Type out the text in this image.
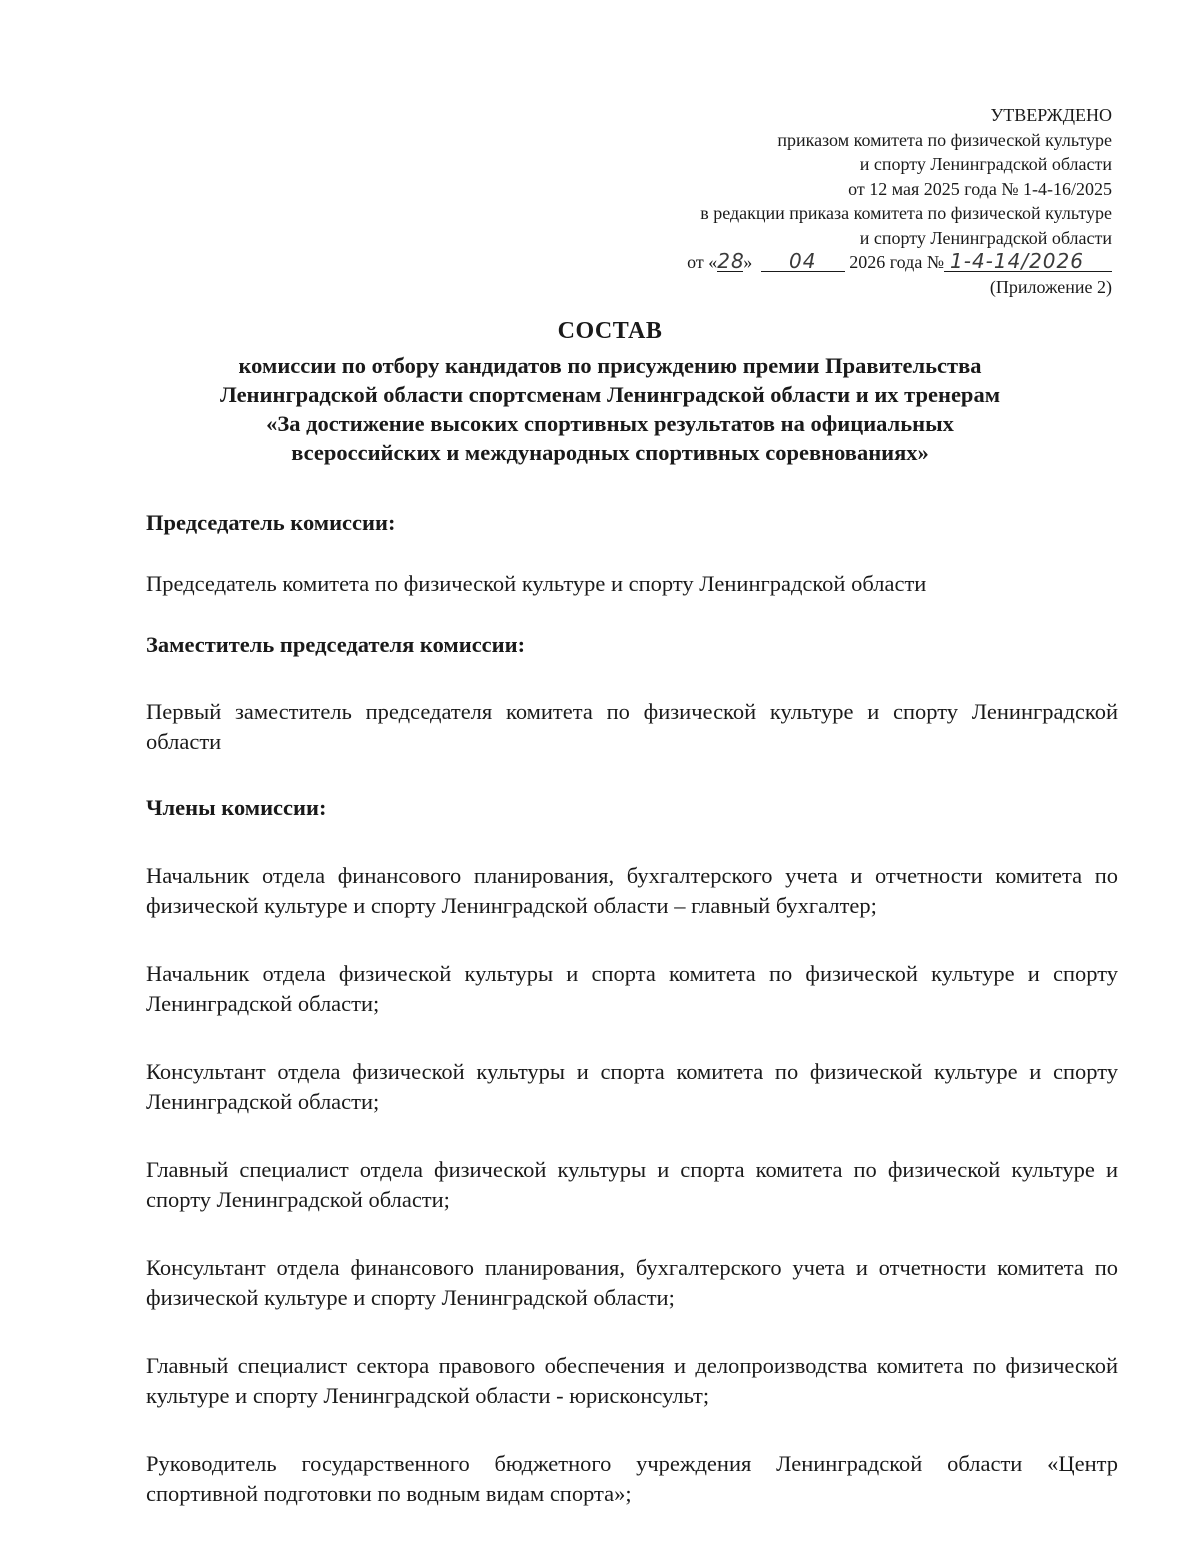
УТВЕРЖДЕНО
приказом комитета по физической культуре
и спорту Ленинградской области
от 12 мая 2025 года № 1-4-16/2025
в редакции приказа комитета по физической культуре
и спорту Ленинградской области
от «28» 04 2026 года № 1-4-14/2026
(Приложение 2)
СОСТАВ
комиссии по отбору кандидатов по присуждению премии Правительства
Ленинградской области спортсменам Ленинградской области и их тренерам
«За достижение высоких спортивных результатов на официальных
всероссийских и международных спортивных соревнованиях»
Председатель комиссии:
Председатель комитета по физической культуре и спорту Ленинградской области
Заместитель председателя комиссии:
Первый заместитель председателя комитета по физической культуре и спорту Ленинградской области
Члены комиссии:
Начальник отдела финансового планирования, бухгалтерского учета и отчетности комитета по физической культуре и спорту Ленинградской области – главный бухгалтер;
Начальник отдела физической культуры и спорта комитета по физической культуре и спорту Ленинградской области;
Консультант отдела физической культуры и спорта комитета по физической культуре и спорту Ленинградской области;
Главный специалист отдела физической культуры и спорта комитета по физической культуре и спорту Ленинградской области;
Консультант отдела финансового планирования, бухгалтерского учета и отчетности комитета по физической культуре и спорту Ленинградской области;
Главный специалист сектора правового обеспечения и делопроизводства комитета по физической культуре и спорту Ленинградской области - юрисконсульт;
Руководитель государственного бюджетного учреждения Ленинградской области «Центр спортивной подготовки по водным видам спорта»;
